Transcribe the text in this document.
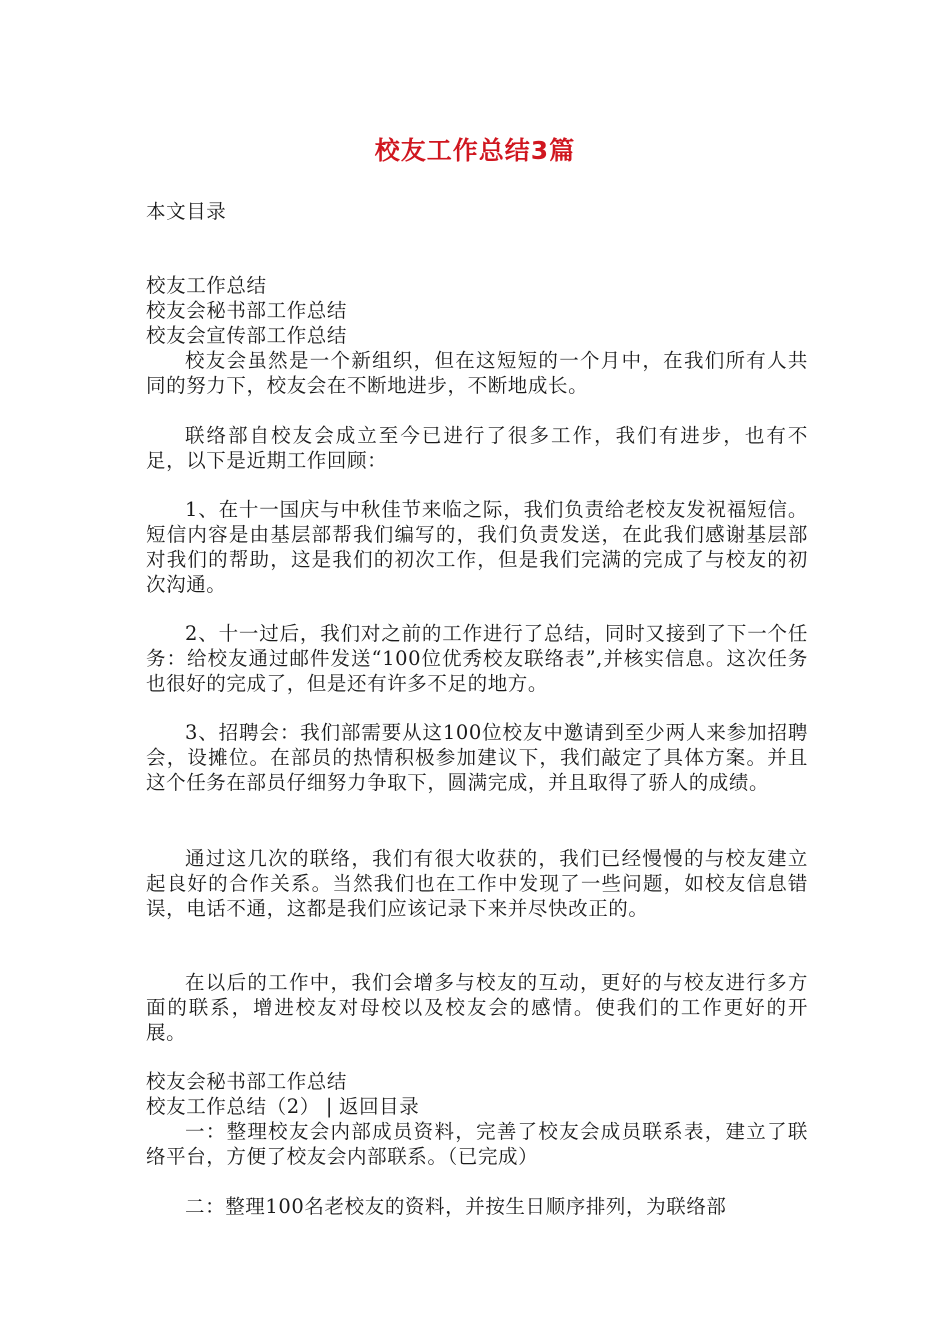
校友工作总结3篇
本文目录
校友工作总结
校友会秘书部工作总结
校友会宣传部工作总结

校友会虽然是一个新组织，但在这短短的一个月中，在我们所有人共同的努力下，校友会在不断地进步，不断地成长。

联络部自校友会成立至今已进行了很多工作，我们有进步，也有不足，以下是近期工作回顾：

1、在十一国庆与中秋佳节来临之际，我们负责给老校友发祝福短信。短信内容是由基层部帮我们编写的，我们负责发送，在此我们感谢基层部对我们的帮助，这是我们的初次工作，但是我们完满的完成了与校友的初次沟通。

2、十一过后，我们对之前的工作进行了总结，同时又接到了下一个任务：给校友通过邮件发送“100位优秀校友联络表”,并核实信息。这次任务也很好的完成了，但是还有许多不足的地方。

3、招聘会：我们部需要从这100位校友中邀请到至少两人来参加招聘会，设摊位。在部员的热情积极参加建议下，我们敲定了具体方案。并且这个任务在部员仔细努力争取下，圆满完成，并且取得了骄人的成绩。

通过这几次的联络，我们有很大收获的，我们已经慢慢的与校友建立起良好的合作关系。当然我们也在工作中发现了一些问题，如校友信息错误，电话不通，这都是我们应该记录下来并尽快改正的。

在以后的工作中，我们会增多与校友的互动，更好的与校友进行多方面的联系，增进校友对母校以及校友会的感情。使我们的工作更好的开展。

校友会秘书部工作总结
校友工作总结（2） | 返回目录

一：整理校友会内部成员资料，完善了校友会成员联系表，建立了联络平台，方便了校友会内部联系。（已完成）

二：整理100名老校友的资料，并按生日顺序排列，为联络部
